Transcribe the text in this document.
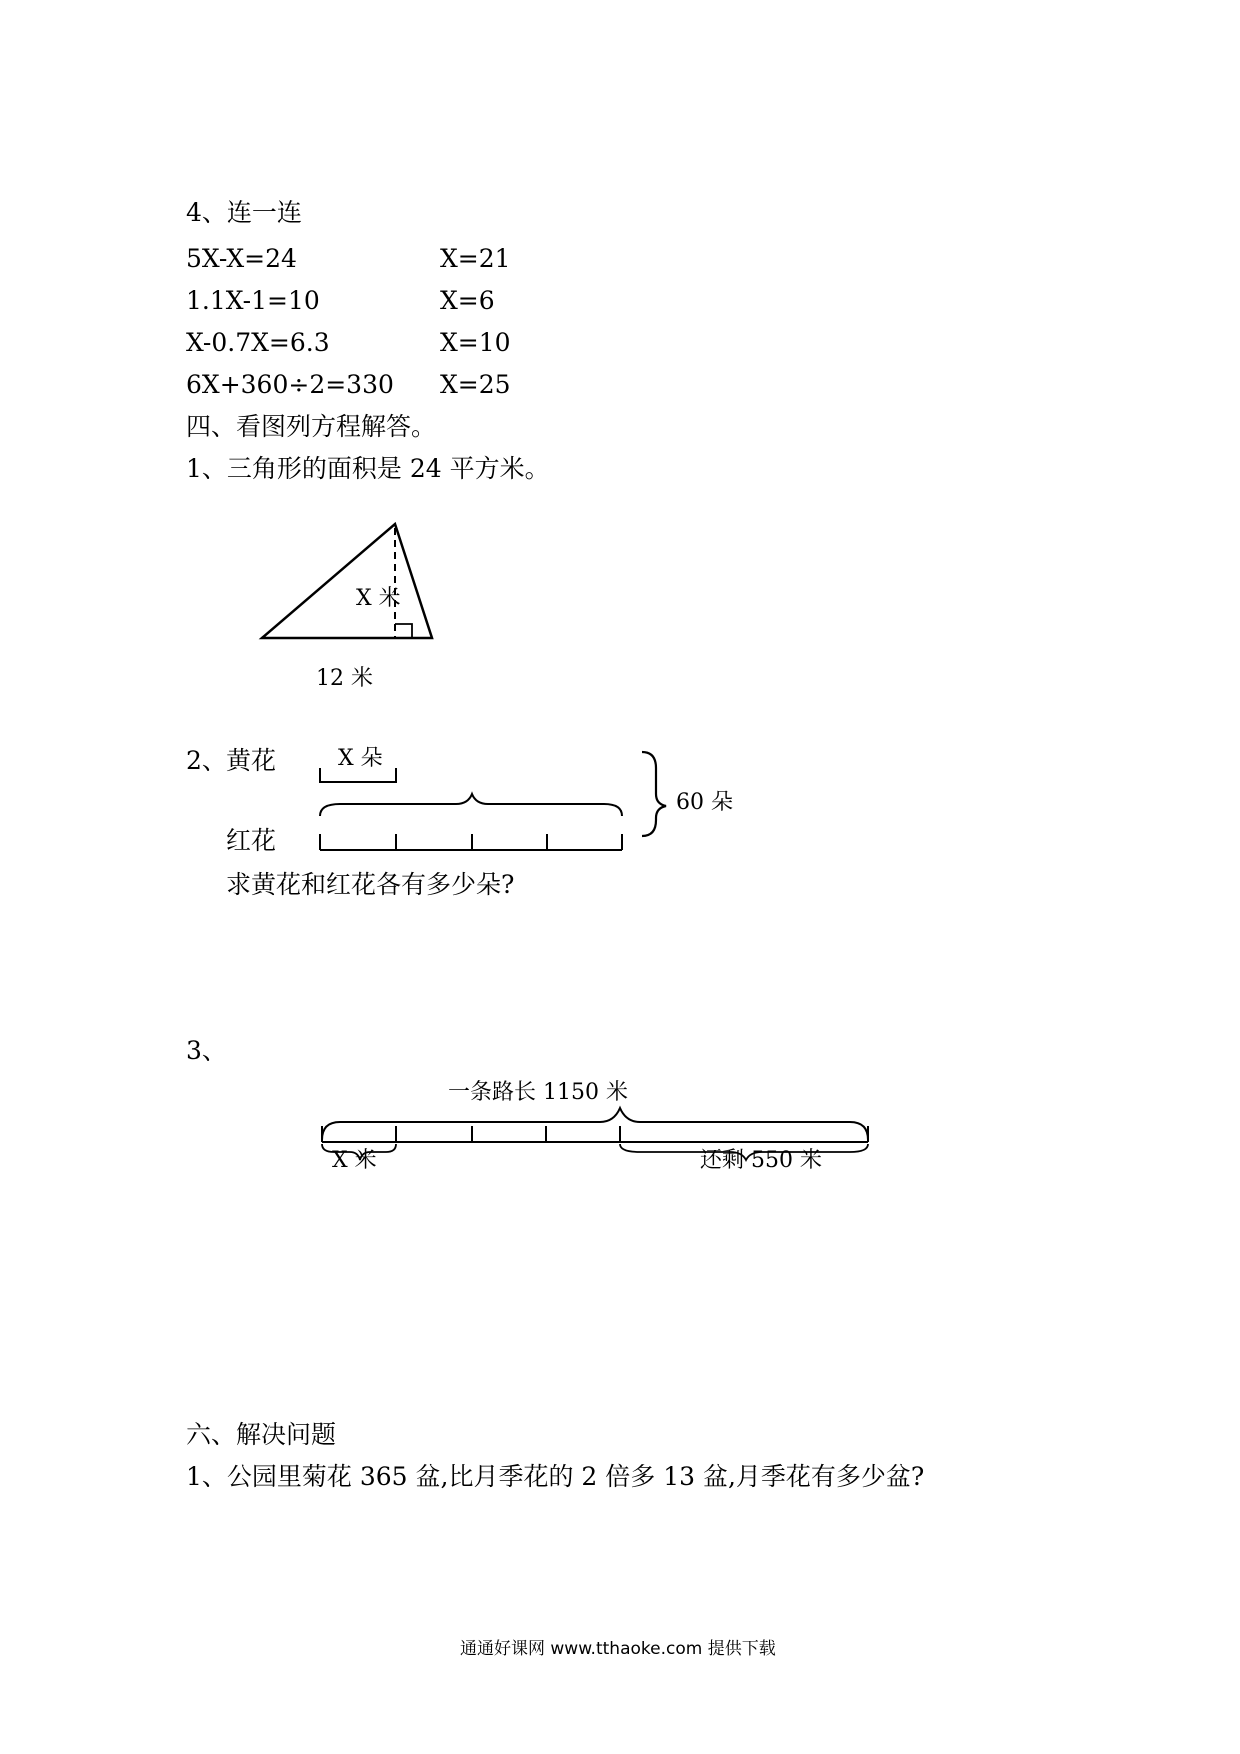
4、连一连
5X-X=24
1.1X-1=10
X-0.7X=6.3
6X+360÷2=330
X=21
X=6
X=10
X=25
四、看图列方程解答。
1、三角形的面积是 24 平方米。
X 米
12 米
2、 黄花	X 朵
60 朵
红花
求黄花和红花各有多少朵?
3、
一条路长 1150 米
X 米	还剩 550 米
六、解决问题
1、公园里菊花 365 盆,比月季花的 2 倍多 13 盆,月季花有多少盆?
通通好课网 www.tthaoke.com 提供下载
